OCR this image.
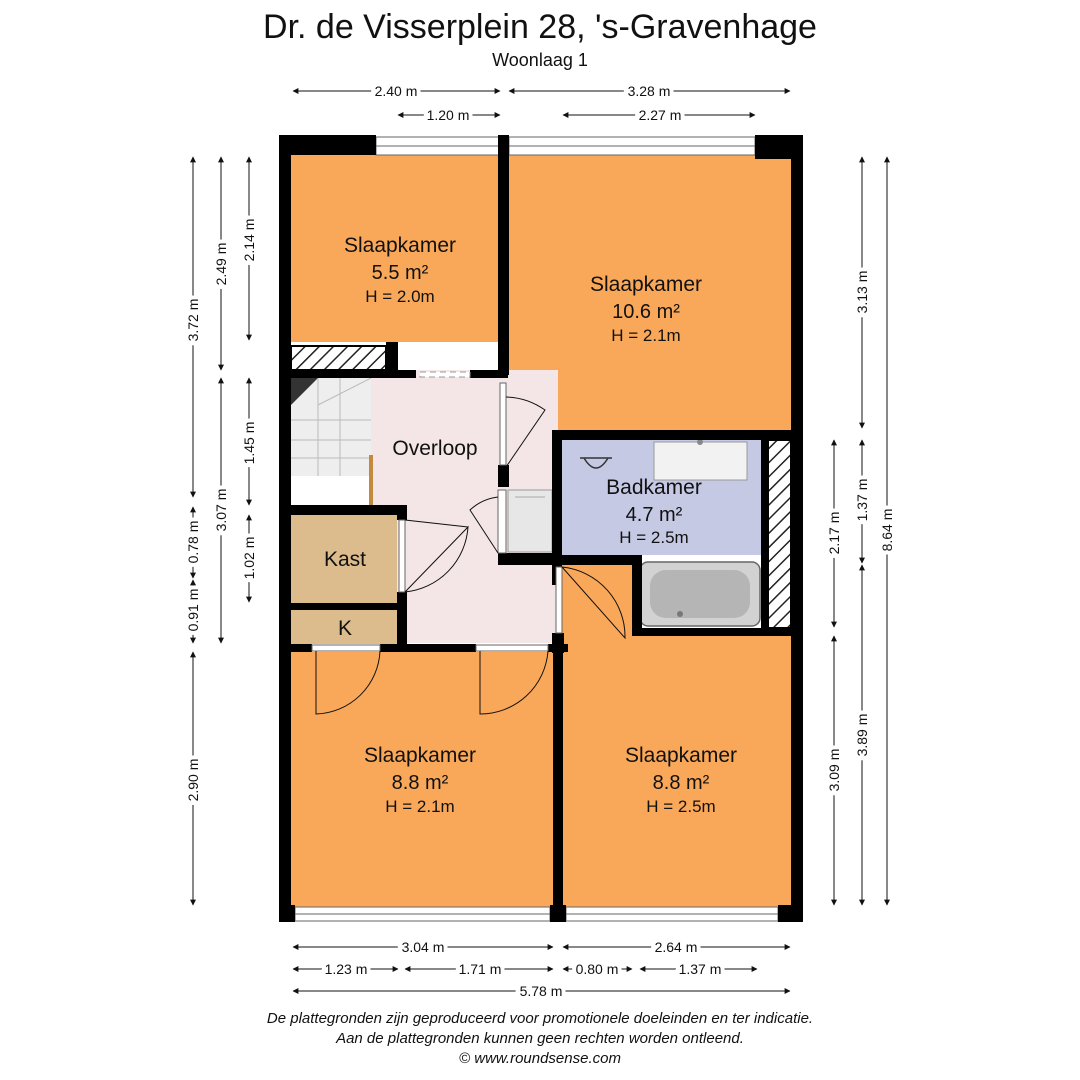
Dr. de Visserplein 28, 's-Gravenhage
Woonlaag 1
Slaapkamer
5.5 m²
H = 2.0m
Slaapkamer
10.6 m²
H = 2.1m
Overloop
Badkamer
4.7 m²
H = 2.5m
Kast
K
Slaapkamer
8.8 m²
H = 2.1m
Slaapkamer
8.8 m²
H = 2.5m
2.40 m	3.28 m
1.20 m	2.27 m
3.04 m	2.64 m
1.23 m	1.71 m	0.80 m	1.37 m
5.78 m
3.72 m
2.49 m
2.14 m
1.45 m
3.07 m
0.78 m	1.02 m
0.91 m
2.90 m
3.13 m
1.37 m
2.17 m
3.09 m
3.89 m
8.64 m
De plattegronden zijn geproduceerd voor promotionele doeleinden en ter indicatie.
Aan de plattegronden kunnen geen rechten worden ontleend.
© www.roundsense.com
